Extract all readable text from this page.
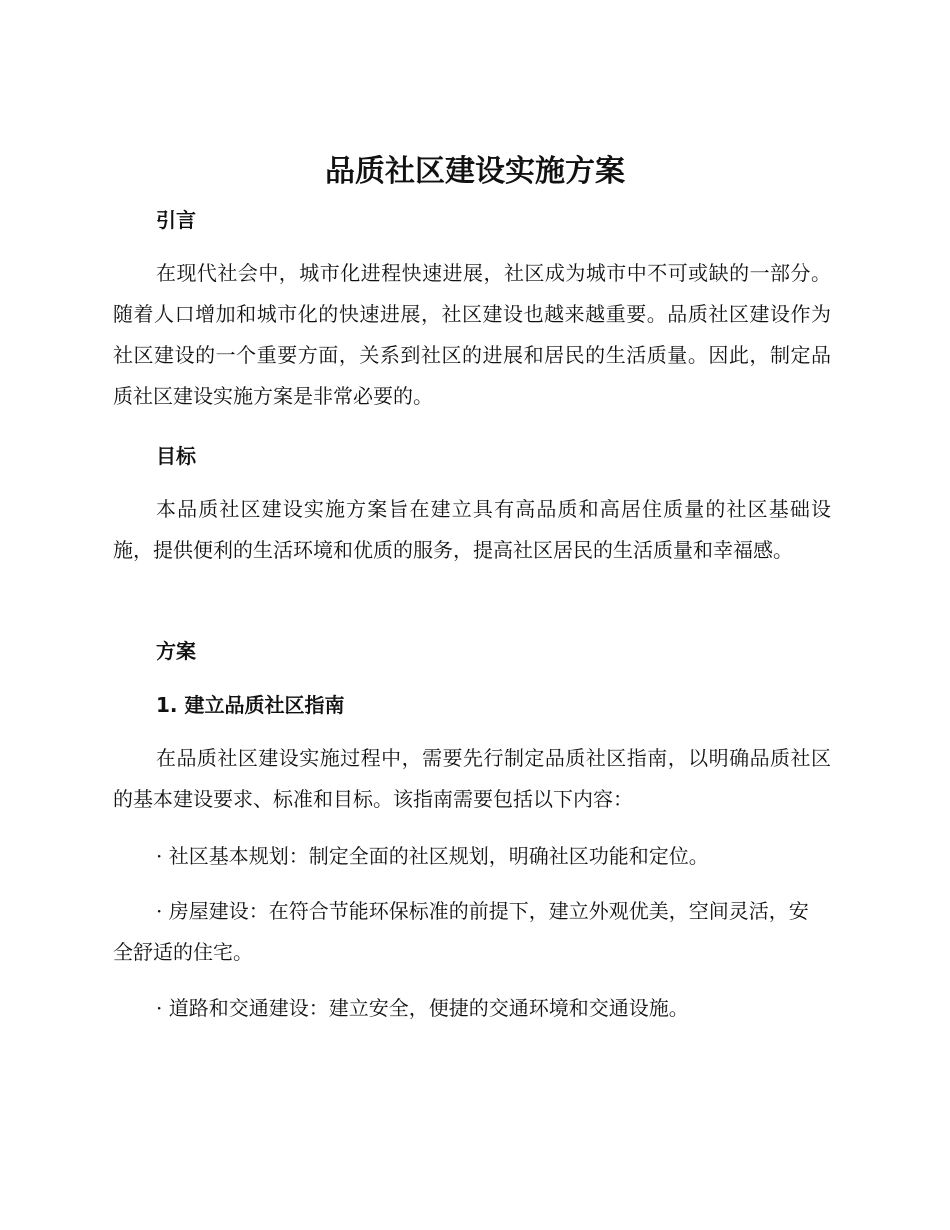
品质社区建设实施方案
引言

在现代社会中，城市化进程快速进展，社区成为城市中不可或缺的一部分。随着人口增加和城市化的快速进展，社区建设也越来越重要。品质社区建设作为社区建设的一个重要方面，关系到社区的进展和居民的生活质量。因此，制定品质社区建设实施方案是非常必要的。

目标

本品质社区建设实施方案旨在建立具有高品质和高居住质量的社区基础设施，提供便利的生活环境和优质的服务，提高社区居民的生活质量和幸福感。

方案
1. 建立品质社区指南

在品质社区建设实施过程中，需要先行制定品质社区指南，以明确品质社区的基本建设要求、标准和目标。该指南需要包括以下内容：

· 社区基本规划：制定全面的社区规划，明确社区功能和定位。

· 房屋建设：在符合节能环保标准的前提下，建立外观优美，空间灵活，安全舒适的住宅。

· 道路和交通建设：建立安全，便捷的交通环境和交通设施。
